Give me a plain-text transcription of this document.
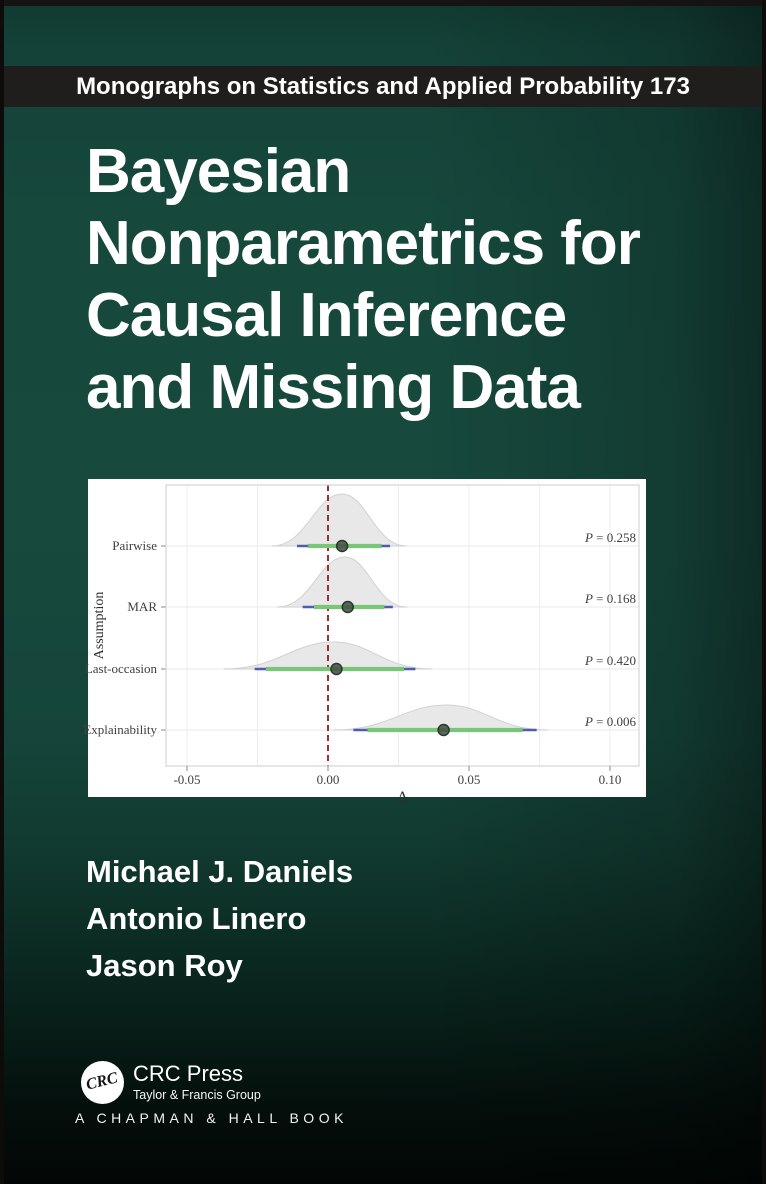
Monographs on Statistics and Applied Probability 173
Bayesian
Nonparametrics for
Causal Inference
and Missing Data
Pairwise
P = 0.258
MAR
P = 0.168
Last-occasion
P = 0.420
Explainability
P = 0.006
-0.05	0.00	0.05	0.10
Δ
Assumption
Michael J. Daniels
Antonio Linero
Jason Roy
CRC CRC Press
Taylor & Francis Group
A CHAPMAN & HALL BOOK
